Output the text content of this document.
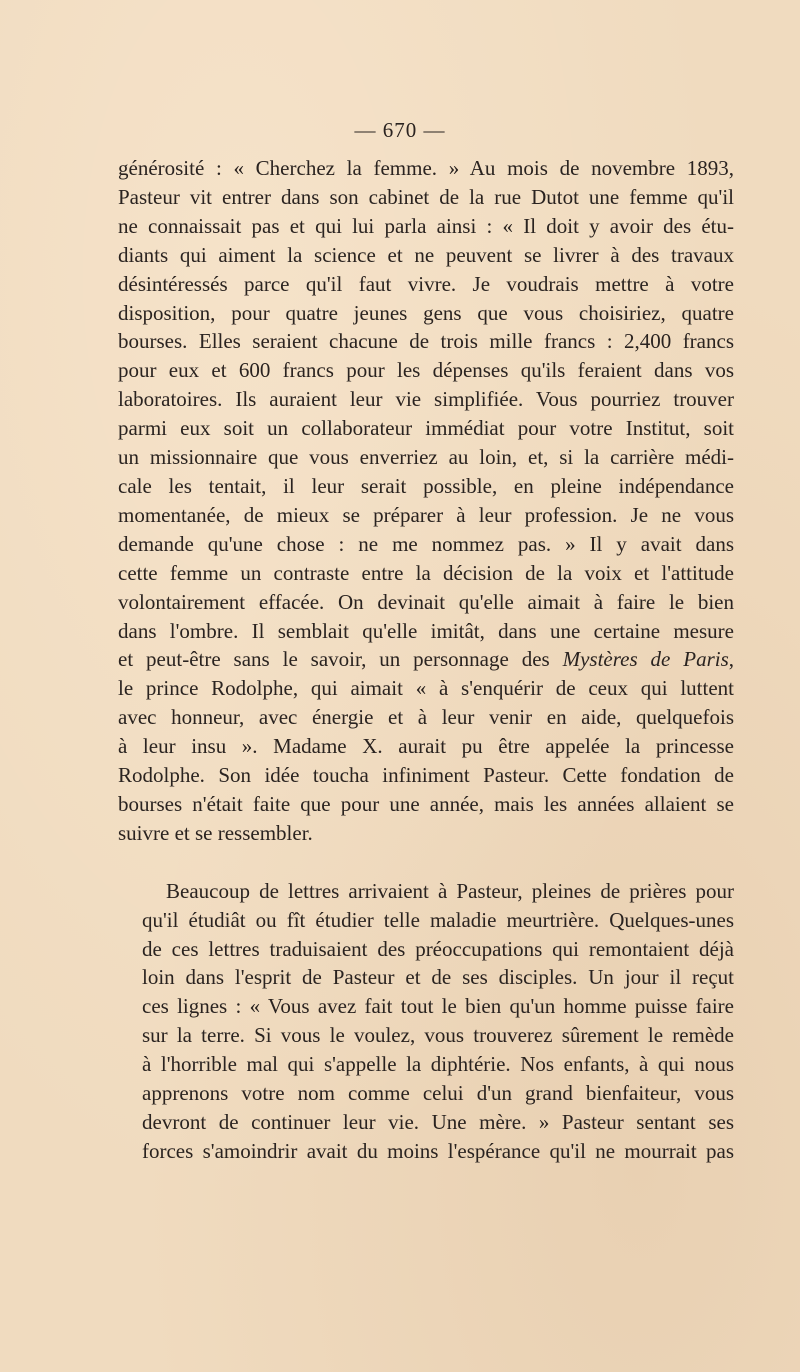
— 670 —

générosité : « Cherchez la femme. » Au mois de novembre 1893,
Pasteur vit entrer dans son cabinet de la rue Dutot une femme qu'il
ne connaissait pas et qui lui parla ainsi : « Il doit y avoir des étu-
diants qui aiment la science et ne peuvent se livrer à des travaux
désintéressés parce qu'il faut vivre. Je voudrais mettre à votre
disposition, pour quatre jeunes gens que vous choisiriez, quatre
bourses. Elles seraient chacune de trois mille francs : 2,400 francs
pour eux et 600 francs pour les dépenses qu'ils feraient dans vos
laboratoires. Ils auraient leur vie simplifiée. Vous pourriez trouver
parmi eux soit un collaborateur immédiat pour votre Institut, soit
un missionnaire que vous enverriez au loin, et, si la carrière médi-
cale les tentait, il leur serait possible, en pleine indépendance
momentanée, de mieux se préparer à leur profession. Je ne vous
demande qu'une chose : ne me nommez pas. » Il y avait dans
cette femme un contraste entre la décision de la voix et l'attitude
volontairement effacée. On devinait qu'elle aimait à faire le bien
dans l'ombre. Il semblait qu'elle imitât, dans une certaine mesure
et peut-être sans le savoir, un personnage des Mystères de Paris,
le prince Rodolphe, qui aimait « à s'enquérir de ceux qui luttent
avec honneur, avec énergie et à leur venir en aide, quelquefois
à leur insu ». Madame X. aurait pu être appelée la princesse
Rodolphe. Son idée toucha infiniment Pasteur. Cette fondation de
bourses n'était faite que pour une année, mais les années allaient se
suivre et se ressembler.

Beaucoup de lettres arrivaient à Pasteur, pleines de prières pour
qu'il étudiât ou fît étudier telle maladie meurtrière. Quelques-unes
de ces lettres traduisaient des préoccupations qui remontaient déjà
loin dans l'esprit de Pasteur et de ses disciples. Un jour il reçut
ces lignes : « Vous avez fait tout le bien qu'un homme puisse faire
sur la terre. Si vous le voulez, vous trouverez sûrement le remède
à l'horrible mal qui s'appelle la diphtérie. Nos enfants, à qui nous
apprenons votre nom comme celui d'un grand bienfaiteur, vous
devront de continuer leur vie. Une mère. » Pasteur sentant ses
forces s'amoindrir avait du moins l'espérance qu'il ne mourrait pas
